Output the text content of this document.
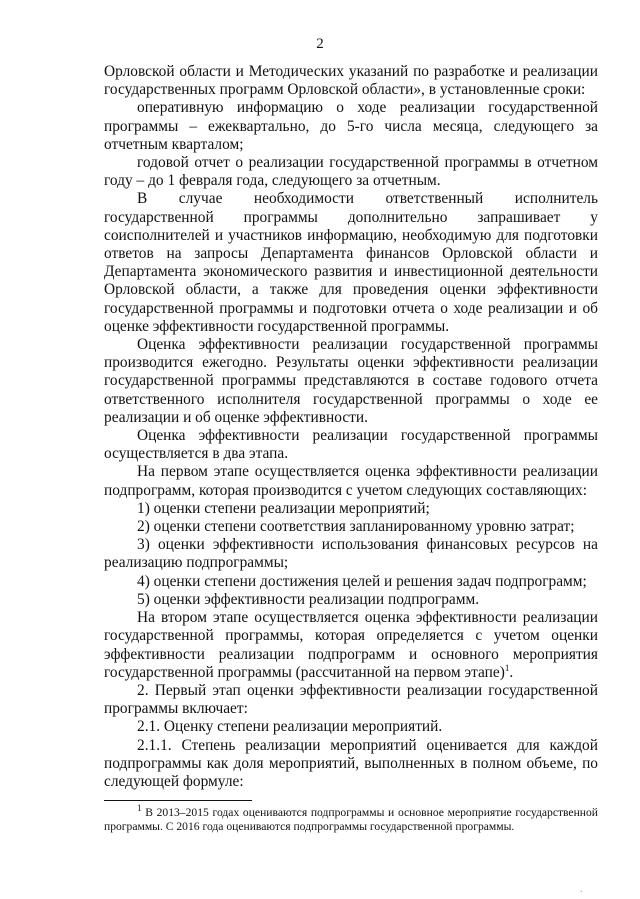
2

Орловской области и Методических указаний по разработке и реализации государственных программ Орловской области», в установленные сроки:

оперативную информацию о ходе реализации государственной программы – ежеквартально, до 5-го числа месяца, следующего за отчетным кварталом;

годовой отчет о реализации государственной программы в отчетном году – до 1 февраля года, следующего за отчетным.

В случае необходимости ответственный исполнитель государственной программы дополнительно запрашивает у соисполнителей и участников информацию, необходимую для подготовки ответов на запросы Департамента финансов Орловской области и Департамента экономического развития и инвестиционной деятельности Орловской области, а также для проведения оценки эффективности государственной программы и подготовки отчета о ходе реализации и об оценке эффективности государственной программы.

Оценка эффективности реализации государственной программы производится ежегодно. Результаты оценки эффективности реализации государственной программы представляются в составе годового отчета ответственного исполнителя государственной программы о ходе ее реализации и об оценке эффективности.

Оценка эффективности реализации государственной программы осуществляется в два этапа.

На первом этапе осуществляется оценка эффективности реализации подпрограмм, которая производится с учетом следующих составляющих:

1) оценки степени реализации мероприятий;

2) оценки степени соответствия запланированному уровню затрат;

3) оценки эффективности использования финансовых ресурсов на реализацию подпрограммы;

4) оценки степени достижения целей и решения задач подпрограмм;

5) оценки эффективности реализации подпрограмм.

На втором этапе осуществляется оценка эффективности реализации государственной программы, которая определяется с учетом оценки эффективности реализации подпрограмм и основного мероприятия государственной программы (рассчитанной на первом этапе)$^1$.

2. Первый этап оценки эффективности реализации государственной программы включает:

2.1. Оценку степени реализации мероприятий.

2.1.1. Степень реализации мероприятий оценивается для каждой подпрограммы как доля мероприятий, выполненных в полном объеме, по следующей формуле:

$^1$ В 2013–2015 годах оцениваются подпрограммы и основное мероприятие государственной программы. С 2016 года оцениваются подпрограммы государственной программы.
.
